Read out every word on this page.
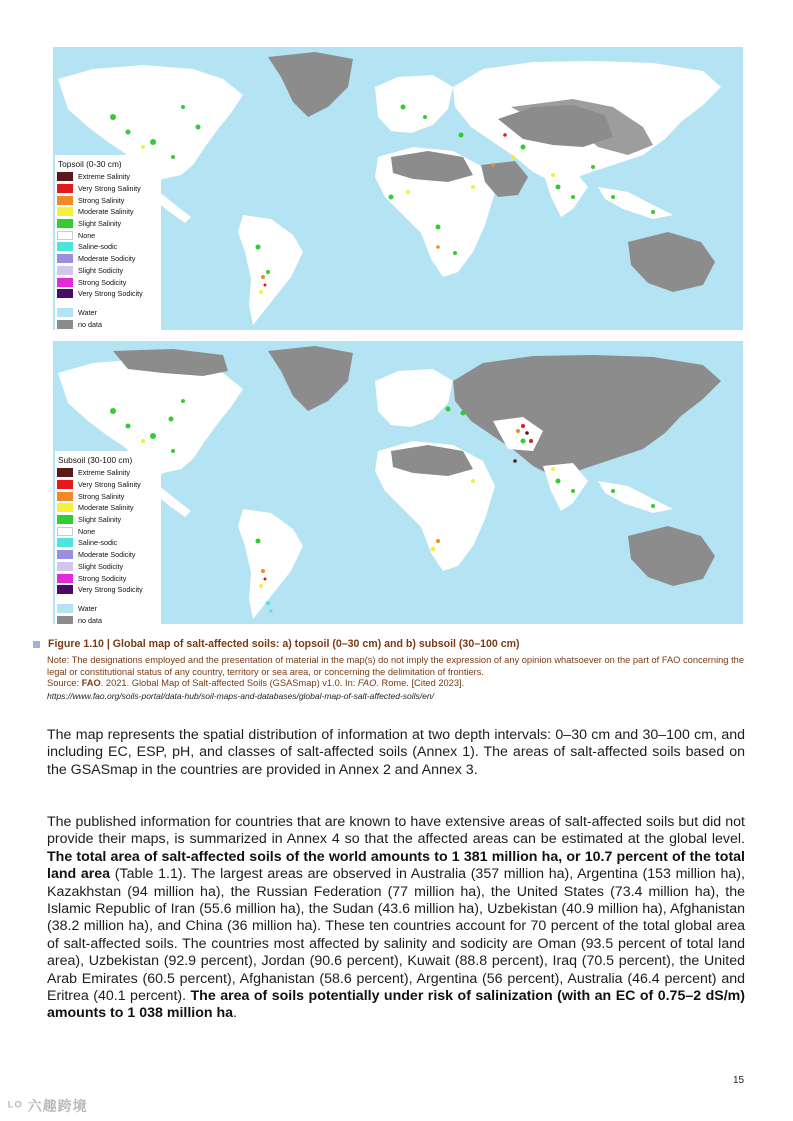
Topsoil (0-30 cm)
Extreme Salinity
Very Strong Salinity
Strong Salinity
Moderate Salinity
Slight Salinity
None
Saline-sodic
Moderate Sodicity
Slight Sodicity
Strong Sodicity
Very Strong Sodicity
Water
no data
Subsoil (30-100 cm)
Extreme Salinity
Very Strong Salinity
Strong Salinity
Moderate Salinity
Slight Salinity
None
Saline-sodic
Moderate Sodicity
Slight Sodicity
Strong Sodicity
Very Strong Sodicity
Water
no data
Figure 1.10 | Global map of salt-affected soils: a) topsoil (0–30 cm) and b) subsoil (30–100 cm)
Note: The designations employed and the presentation of material in the map(s) do not imply the expression of any opinion whatsoever on the part of FAO concerning the legal or constitutional status of any country, territory or sea area, or concerning the delimitation of frontiers.
Source: FAO. 2021. Global Map of Salt-affected Soils (GSASmap) v1.0. In: FAO. Rome. [Cited 2023].
https://www.fao.org/soils-portal/data-hub/soil-maps-and-databases/global-map-of-salt-affected-soils/en/

The map represents the spatial distribution of information at two depth intervals: 0–30 cm and 30–100 cm, and including EC, ESP, pH, and classes of salt-affected soils (Annex 1). The areas of salt-affected soils based on the GSASmap in the countries are provided in Annex 2 and Annex 3.

The published information for countries that are known to have extensive areas of salt-affected soils but did not provide their maps, is summarized in Annex 4 so that the affected areas can be estimated at the global level. The total area of salt-affected soils of the world amounts to 1 381 million ha, or 10.7 percent of the total land area (Table 1.1). The largest areas are observed in Australia (357 million ha), Argentina (153 million ha), Kazakhstan (94 million ha), the Russian Federation (77 million ha), the United States (73.4 million ha), the Islamic Republic of Iran (55.6 million ha), the Sudan (43.6 million ha), Uzbekistan (40.9 million ha), Afghanistan (38.2 million ha), and China (36 million ha). These ten countries account for 70 percent of the total global area of salt-affected soils. The countries most affected by salinity and sodicity are Oman (93.5 percent of total land area), Uzbekistan (92.9 percent), Jordan (90.6 percent), Kuwait (88.8 percent), Iraq (70.5 percent), the United Arab Emirates (60.5 percent), Afghanistan (58.6 percent), Argentina (56 percent), Australia (46.4 percent) and Eritrea (40.1 percent). The area of soils potentially under risk of salinization (with an EC of 0.75–2 dS/m) amounts to 1 038 million ha.

15
ᴸᴼ 六趣跨境
